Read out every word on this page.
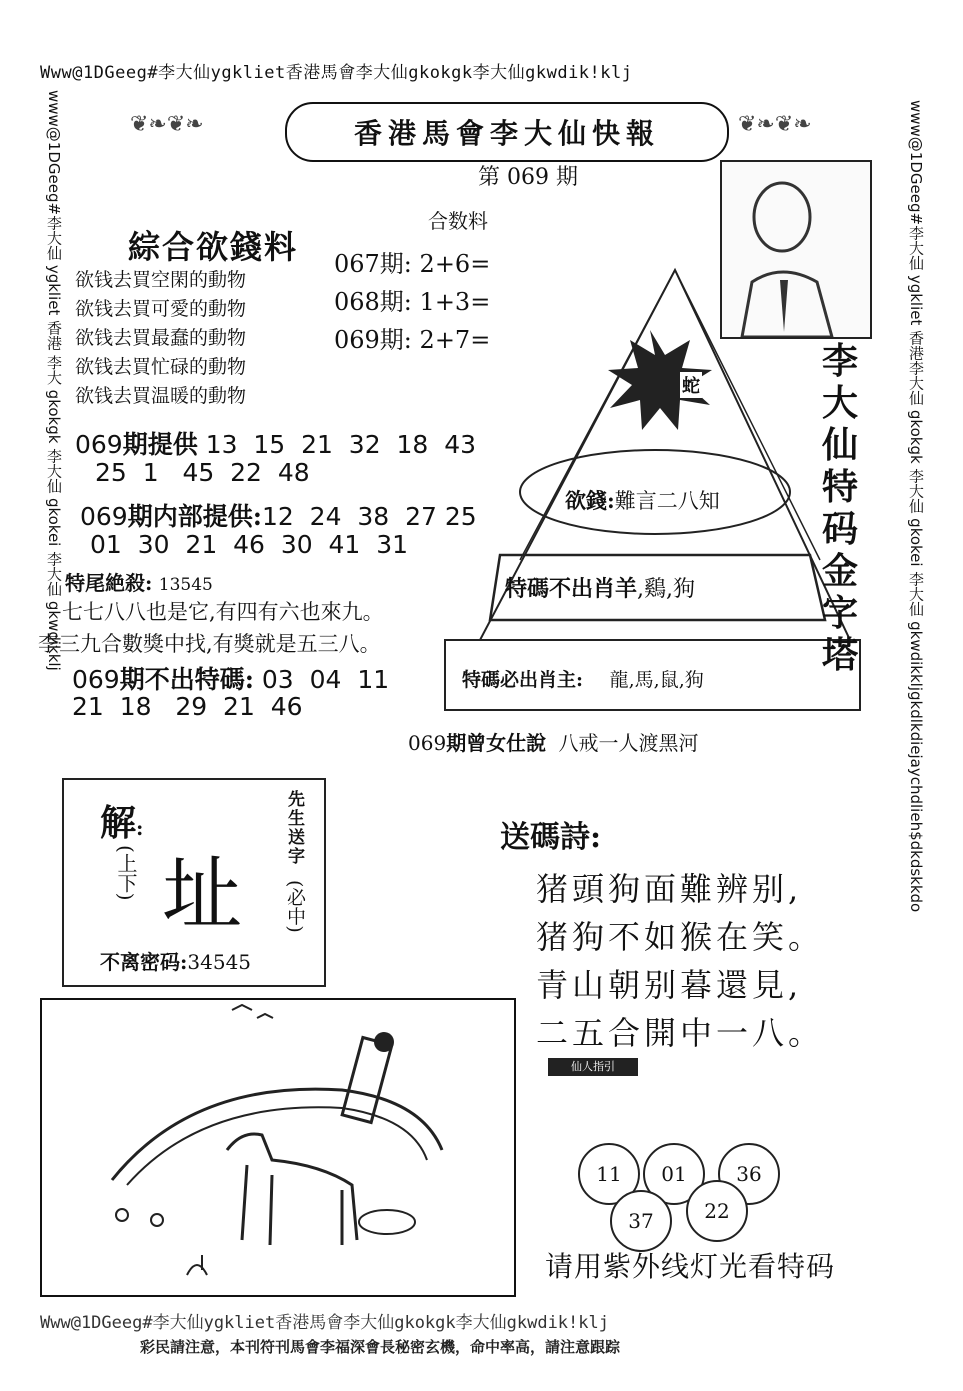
Www@1DGeeg#李大仙ygkliet香港馬會李大仙gkokgk李大仙gkwdik!klj
www@1DGeeg#李大仙 ygkliet 香港 李大 gkokgk 李大仙 gkokei 李大仙 gkwdikklj	www@1DGeeg#李大仙 ygkliet 香港李大仙 gkokgk 李大仙 gkokei 李大仙 gkwdikkljgkdlkdiejaychdlieh$dkdskkdo
Www@1DGeeg#李大仙ygkliet香港馬會李大仙gkokgk李大仙gkwdik!klj
彩民請注意，本刊符刊馬會李福深會長秘密玄機，命中率高，請注意跟踪
❦❧❦❧	❦❧❦❧
香港馬會李大仙快報
第 069 期
合数料
綜合欲錢料
欲钱去買空閑的動物
欲钱去買可愛的動物
欲钱去買最蠢的動物
欲钱去買忙碌的動物
欲钱去買温暖的動物
067期: 2+6=
068期: 1+3=
069期: 2+7=
069期提供 13  15  21  32  18  43
25  1   45  22  48
069期内部提供:12  24  38  27 25
01  30  21  46  30  41  31
特尾絶殺: 13545
七七八八也是它,有四有六也來九。
李三九合數獎中找,有獎就是五三八。
069期不出特碼: 03  04  11
21  18   29  21  46
蛇
李大仙特码金字塔
欲錢:難言二八知
特碼不出肖羊,鷄,狗
特碼必出肖主: 龍,馬,鼠,狗
069期曾女仕說 八戒一人渡黑河
解:
(上下) 址
先生送字
(必中)
不离密码:34545
送碼詩:
猪頭狗面難辨别,
猪狗不如猴在笑。
青山朝别暮還見,
二五合開中一八。
仙人指引
11	01	36
37	22
请用紫外线灯光看特码
